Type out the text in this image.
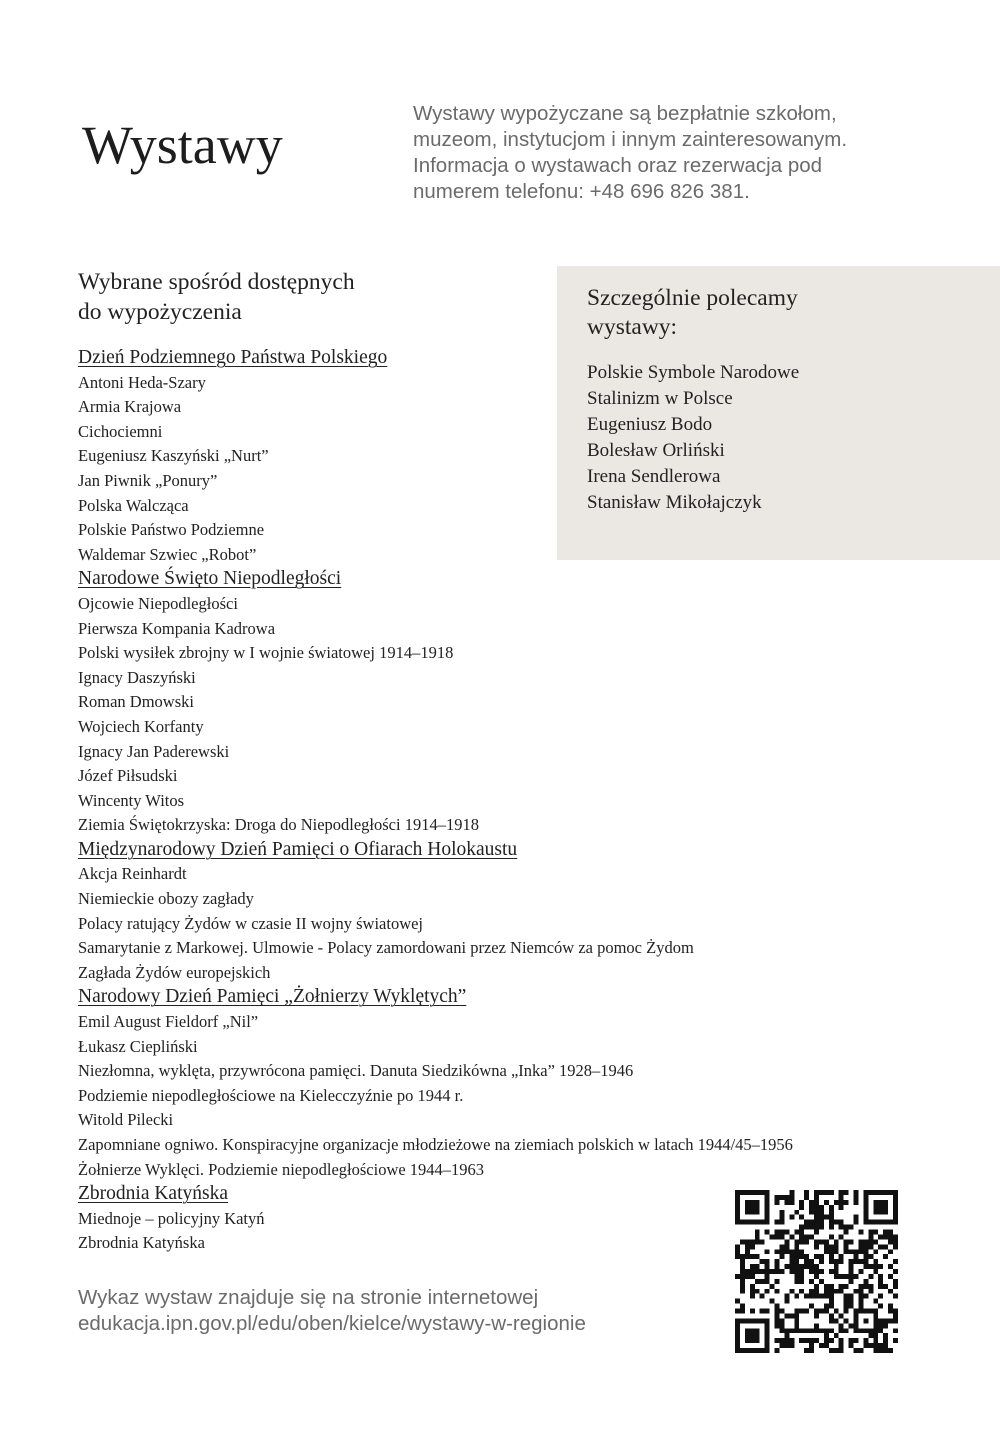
Wystawy
Wystawy wypożyczane są bezpłatnie szkołom,
muzeom, instytucjom i innym zainteresowanym.
Informacja o wystawach oraz rezerwacja pod
numerem telefonu: +48 696 826 381.
Wybrane spośród dostępnych
do wypożyczenia
Dzień Podziemnego Państwa Polskiego
Antoni Heda-Szary
Armia Krajowa
Cichociemni
Eugeniusz Kaszyński „Nurt”
Jan Piwnik „Ponury”
Polska Walcząca
Polskie Państwo Podziemne
Waldemar Szwiec „Robot”
Narodowe Święto Niepodległości
Ojcowie Niepodległości
Pierwsza Kompania Kadrowa
Polski wysiłek zbrojny w I wojnie światowej 1914–1918
Ignacy Daszyński
Roman Dmowski
Wojciech Korfanty
Ignacy Jan Paderewski
Józef Piłsudski
Wincenty Witos
Ziemia Świętokrzyska: Droga do Niepodległości 1914–1918
Międzynarodowy Dzień Pamięci o Ofiarach Holokaustu
Akcja Reinhardt
Niemieckie obozy zagłady
Polacy ratujący Żydów w czasie II wojny światowej
Samarytanie z Markowej. Ulmowie - Polacy zamordowani przez Niemców za pomoc Żydom
Zagłada Żydów europejskich
Narodowy Dzień Pamięci „Żołnierzy Wyklętych”
Emil August Fieldorf „Nil”
Łukasz Ciepliński
Niezłomna, wyklęta, przywrócona pamięci. Danuta Siedzikówna „Inka” 1928–1946
Podziemie niepodległościowe na Kielecczyźnie po 1944 r.
Witold Pilecki
Zapomniane ogniwo. Konspiracyjne organizacje młodzieżowe na ziemiach polskich w latach 1944/45–1956
Żołnierze Wyklęci. Podziemie niepodległościowe 1944–1963
Zbrodnia Katyńska
Miednoje – policyjny Katyń
Zbrodnia Katyńska
Szczególnie polecamy
wystawy:
Polskie Symbole Narodowe
Stalinizm w Polsce
Eugeniusz Bodo
Bolesław Orliński
Irena Sendlerowa
Stanisław Mikołajczyk
Wykaz wystaw znajduje się na stronie internetowej
edukacja.ipn.gov.pl/edu/oben/kielce/wystawy-w-regionie
